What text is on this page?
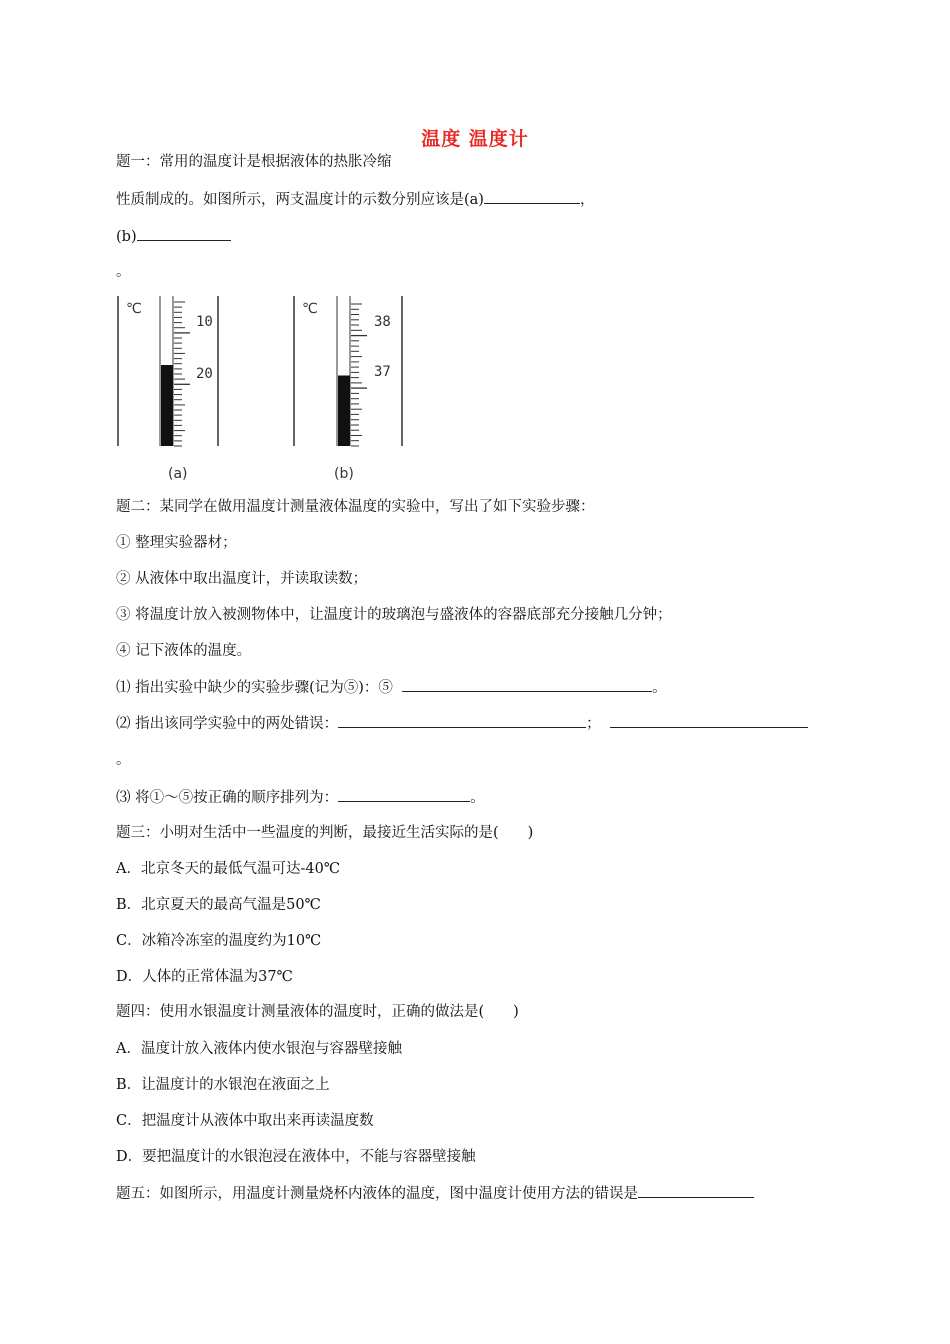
温度 温度计
题一：常用的温度计是根据液体的热胀冷缩
性质制成的。如图所示，两支温度计的示数分别应该是(a)	，
(b)
。
℃
10
20
(a)
℃
38
37
(b)
题二：某同学在做用温度计测量液体温度的实验中，写出了如下实验步骤：
① 整理实验器材；
② 从液体中取出温度计，并读取读数；
③ 将温度计放入被测物体中，让温度计的玻璃泡与盛液体的容器底部充分接触几分钟；
④ 记下液体的温度。
⑴ 指出实验中缺少的实验步骤(记为⑤)：⑤	。
⑵ 指出该同学实验中的两处错误：	；
。
⑶ 将①～⑤按正确的顺序排列为：	。
题三：小明对生活中一些温度的判断，最接近生活实际的是(　　)
A．北京冬天的最低气温可达-40℃
B．北京夏天的最高气温是50℃
C．冰箱冷冻室的温度约为10℃
D．人体的正常体温为37℃
题四：使用水银温度计测量液体的温度时，正确的做法是(　　)
A．温度计放入液体内使水银泡与容器壁接触
B．让温度计的水银泡在液面之上
C．把温度计从液体中取出来再读温度数
D．要把温度计的水银泡浸在液体中，不能与容器壁接触
题五：如图所示，用温度计测量烧杯内液体的温度，图中温度计使用方法的错误是
